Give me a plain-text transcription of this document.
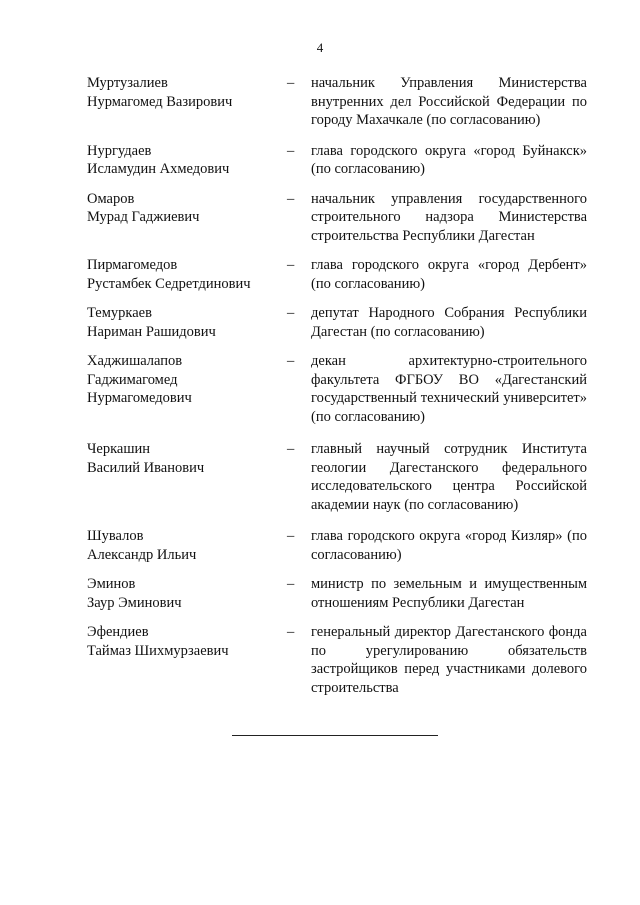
4
Муртузалиев
Нурмагомед Вазирович
–	начальник Управления Министерства внутренних дел Российской Федерации по городу Махачкале (по согласованию)
Нургудаев
Исламудин Ахмедович
–	глава городского округа «город Буйнакск» (по согласованию)
Омаров
Мурад Гаджиевич
–	начальник управления государственного строительного надзора Министерства строительства Республики Дагестан
Пирмагомедов
Рустамбек Седретдинович
–	глава городского округа «город Дербент» (по согласованию)
Темуркаев
Нариман Рашидович
–	депутат Народного Собрания Республики Дагестан (по согласованию)
Хаджишалапов
Гаджимагомед
Нурмагомедович
–	декан архитектурно-строительного факультета ФГБОУ ВО «Дагестанский государственный технический университет» (по согласованию)
Черкашин
Василий Иванович
–	главный научный сотрудник Института геологии Дагестанского федерального исследовательского центра Российской академии наук (по согласованию)
Шувалов
Александр Ильич
–	глава городского округа «город Кизляр» (по согласованию)
Эминов
Заур Эминович
–	министр по земельным и имущественным отношениям Республики Дагестан
Эфендиев
Таймаз Шихмурзаевич
–	генеральный директор Дагестанского фонда по урегулированию обязательств застройщиков перед участниками долевого строительства
